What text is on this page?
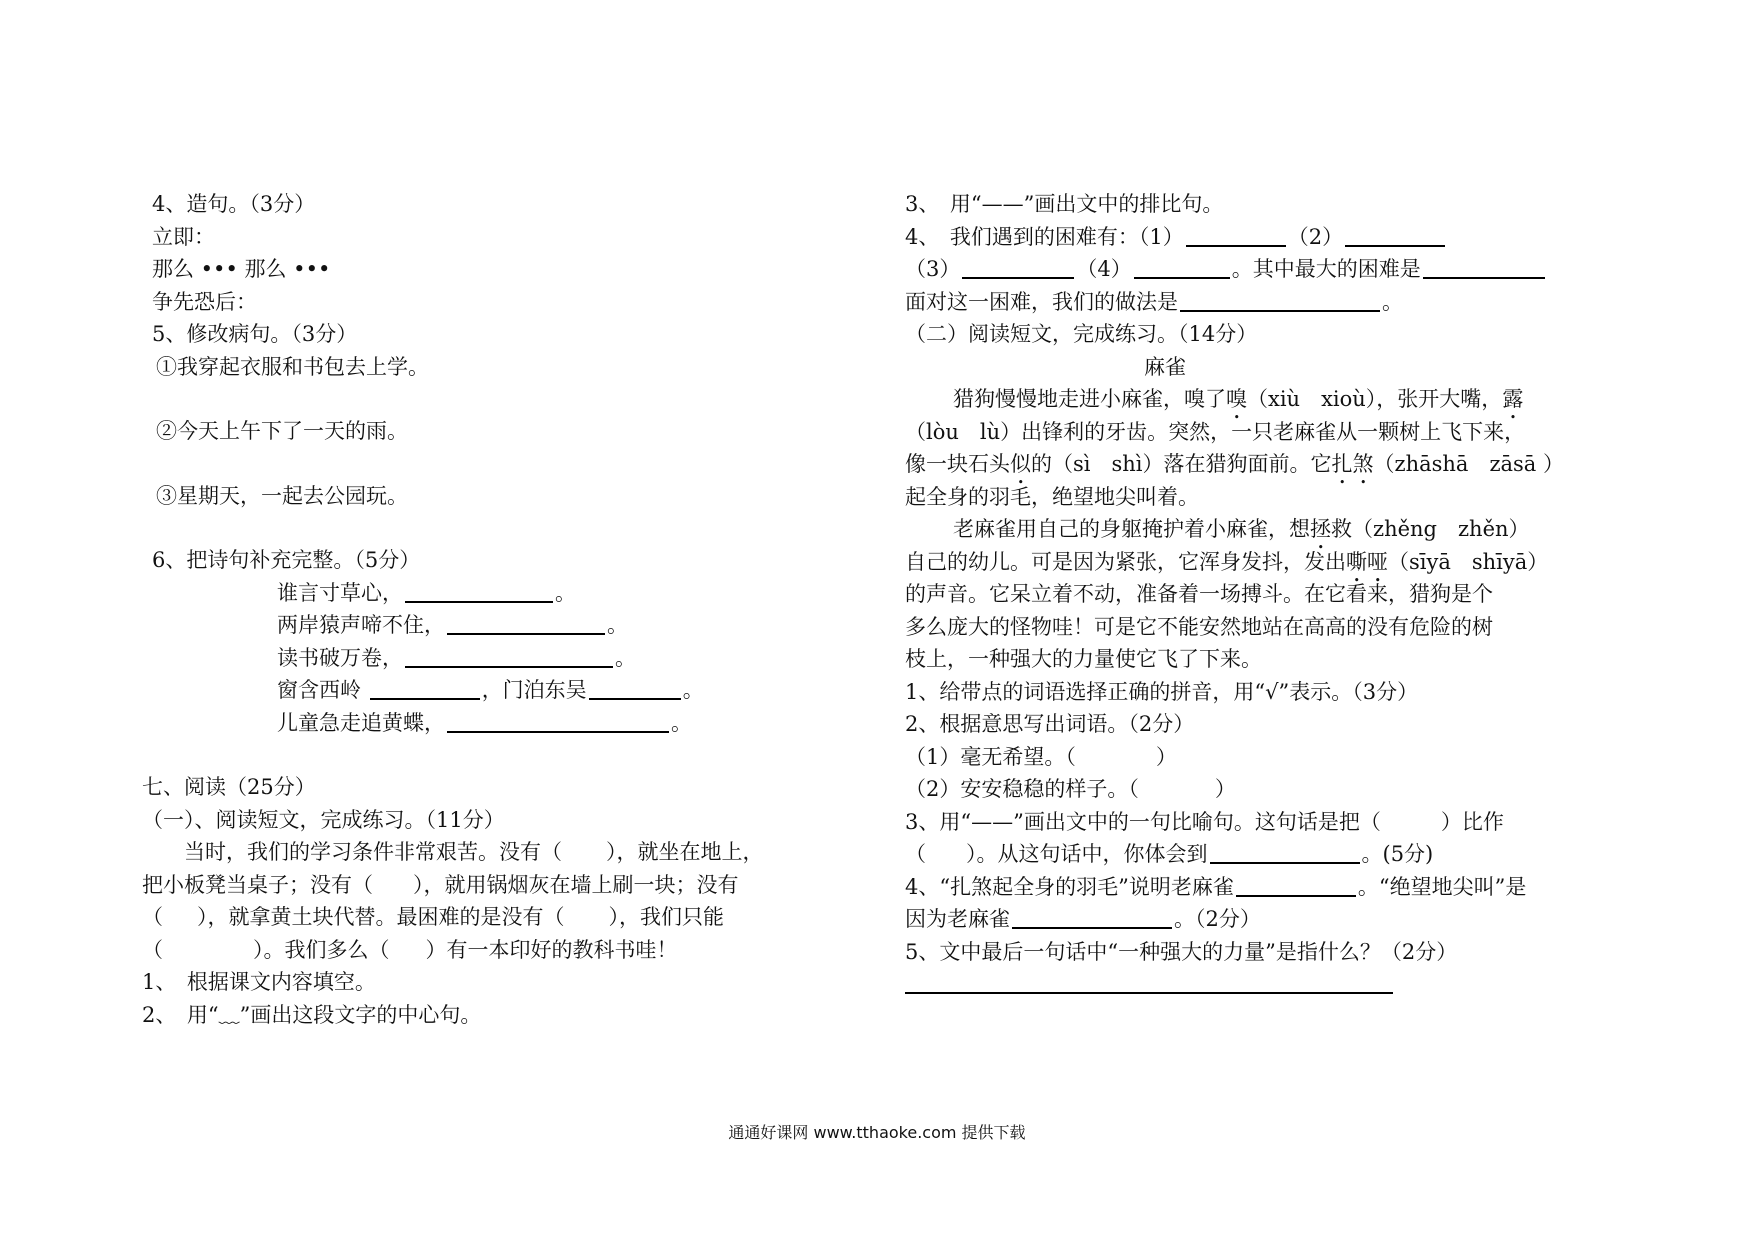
4、造句。（3分）
立即：
那么 ••• 那么 •••
争先恐后：
5、修改病句。（3分）
①我穿起衣服和书包去上学。
②今天上午下了一天的雨。
③星期天，一起去公园玩。
6、把诗句补充完整。（5分）
谁言寸草心，	。
两岸猿声啼不住，	。
读书破万卷，	。
窗含西岭	，门泊东吴	。
儿童急走追黄蝶，	。
七、阅读（25分）
（一）、阅读短文，完成练习。（11分）
当时，我们的学习条件非常艰苦。没有（ ），就坐在地上，
把小板凳当桌子；没有（ ），就用锅烟灰在墙上刷一块；没有
（ ），就拿黄土块代替。最困难的是没有（ ），我们只能
（	）。我们多么（ ）有一本印好的教科书哇！
1、　根据课文内容填空。
2、　用“﹏”画出这段文字的中心句。
3、　用“——”画出文中的排比句。
4、　我们遇到的困难有：（1）	（2）
（3）	（4）	。其中最大的困难是
面对这一困难，我们的做法是	。
（二）阅读短文，完成练习。（14分）
麻雀
猎狗慢慢地走进小麻雀，嗅了嗅（xiù　xioù），张开大嘴，露
（lòu　lù）出锋利的牙齿。突然，一只老麻雀从一颗树上飞下来，
像一块石头似的（sì　shì）落在猎狗面前。它扎煞（zhāshā　zāsā ）
起全身的羽毛，绝望地尖叫着。
老麻雀用自己的身躯掩护着小麻雀，想拯救（zhěng　zhěn）
自己的幼儿。可是因为紧张，它浑身发抖，发出嘶哑（sīyā　shīyā）
的声音。它呆立着不动，准备着一场搏斗。在它看来，猎狗是个
多么庞大的怪物哇！可是它不能安然地站在高高的没有危险的树
枝上，一种强大的力量使它飞了下来。
1、给带点的词语选择正确的拼音，用“√”表示。（3分）
2、根据意思写出词语。（2分）
（1）毫无希望。（	）
（2）安安稳稳的样子。（	）
3、用“——”画出文中的一句比喻句。这句话是把（	）比作
（ ）。从这句话中，你体会到	。(5分)
4、“扎煞起全身的羽毛”说明老麻雀	。“绝望地尖叫”是
因为老麻雀	。（2分）
5、文中最后一句话中“一种强大的力量”是指什么？（2分）
通通好课网 www.tthaoke.com 提供下载
